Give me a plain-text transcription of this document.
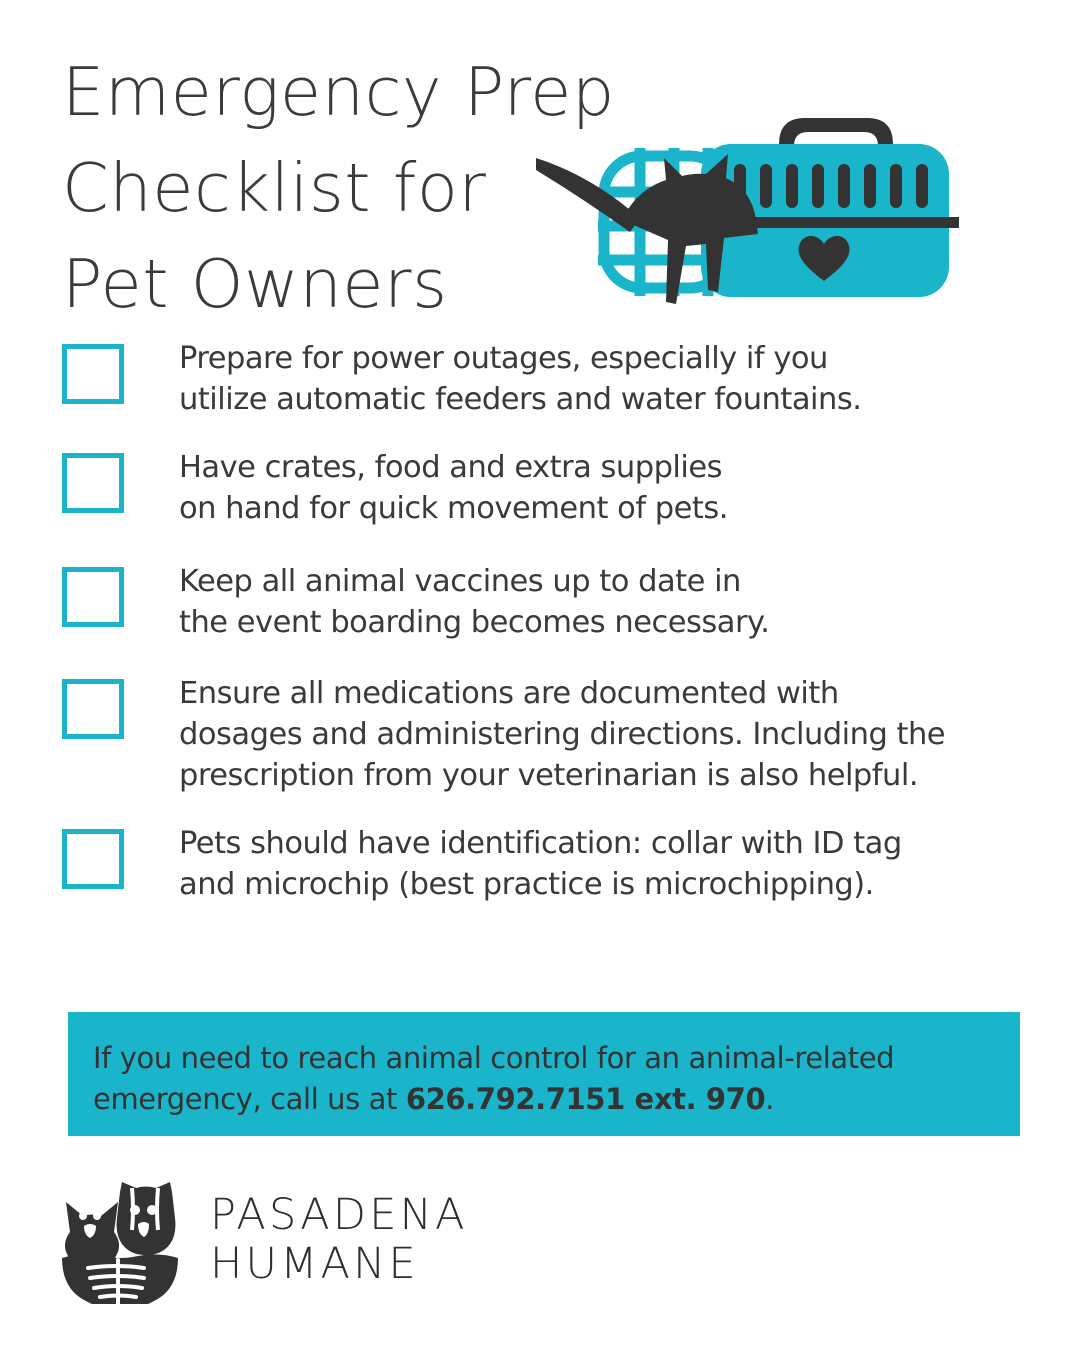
Emergency Prep
Checklist for
Pet Owners
Prepare for power outages, especially if you
utilize automatic feeders and water fountains.
Have crates, food and extra supplies
on hand for quick movement of pets.
Keep all animal vaccines up to date in
the event boarding becomes necessary.
Ensure all medications are documented with
dosages and administering directions. Including the
prescription from your veterinarian is also helpful.
Pets should have identification: collar with ID tag
and microchip (best practice is microchipping).
If you need to reach animal control for an animal-related
emergency, call us at 626.792.7151 ext. 970.
PASADENA
HUMANE
